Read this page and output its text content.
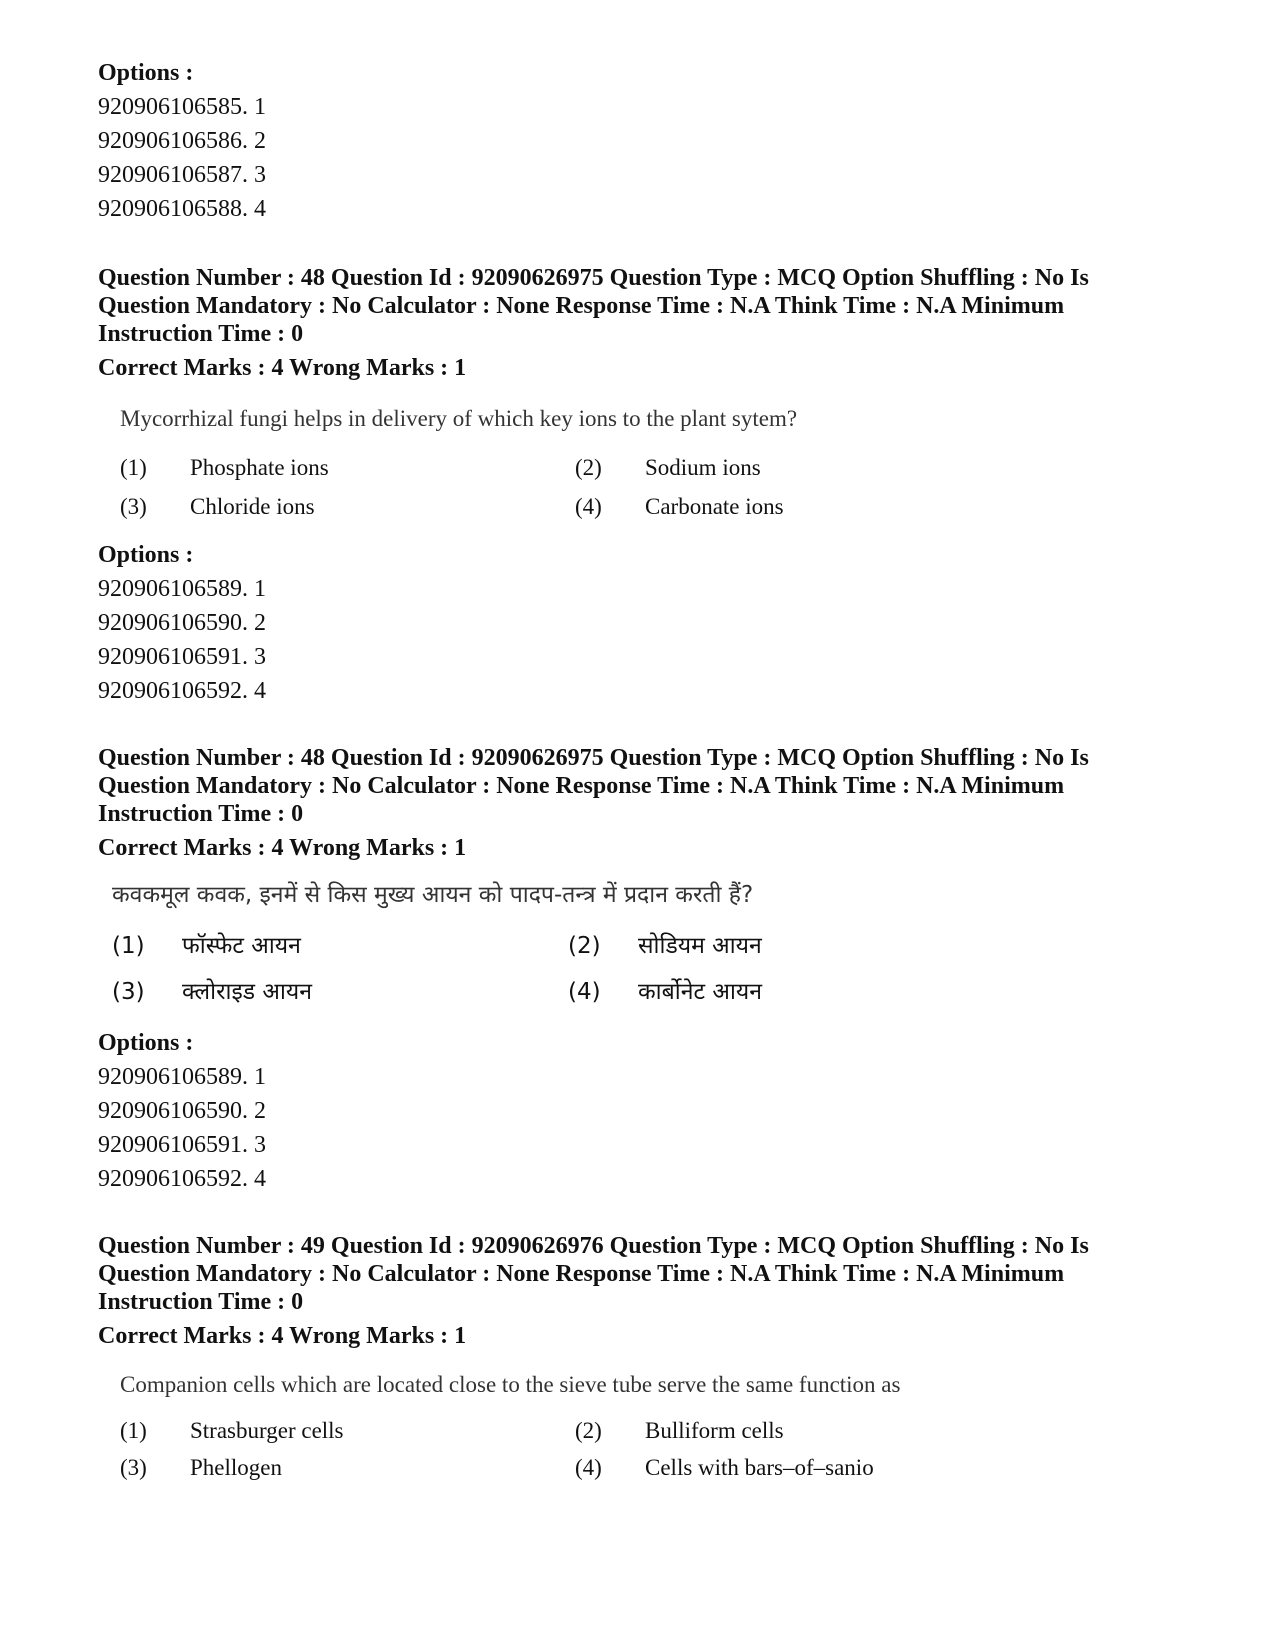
Options :
920906106585. 1
920906106586. 2
920906106587. 3
920906106588. 4
Question Number : 48 Question Id : 92090626975 Question Type : MCQ Option Shuffling : No Is Question Mandatory : No Calculator : None Response Time : N.A Think Time : N.A Minimum Instruction Time : 0
Correct Marks : 4 Wrong Marks : 1
Mycorrhizal fungi helps in delivery of which key ions to the plant sytem?
(1) Phosphate ions	(2) Sodium ions
(3) Chloride ions	(4) Carbonate ions
Options :
920906106589. 1
920906106590. 2
920906106591. 3
920906106592. 4
Question Number : 48 Question Id : 92090626975 Question Type : MCQ Option Shuffling : No Is Question Mandatory : No Calculator : None Response Time : N.A Think Time : N.A Minimum Instruction Time : 0
Correct Marks : 4 Wrong Marks : 1
कवकमूल कवक, इनमें से किस मुख्य आयन को पादप-तन्त्र में प्रदान करती हैं?
(1) फॉस्फेट आयन	(2) सोडियम आयन
(3) क्लोराइड आयन	(4) कार्बोनेट आयन
Options :
920906106589. 1
920906106590. 2
920906106591. 3
920906106592. 4
Question Number : 49 Question Id : 92090626976 Question Type : MCQ Option Shuffling : No Is Question Mandatory : No Calculator : None Response Time : N.A Think Time : N.A Minimum Instruction Time : 0
Correct Marks : 4 Wrong Marks : 1
Companion cells which are located close to the sieve tube serve the same function as
(1) Strasburger cells	(2) Bulliform cells
(3) Phellogen	(4) Cells with bars–of–sanio
